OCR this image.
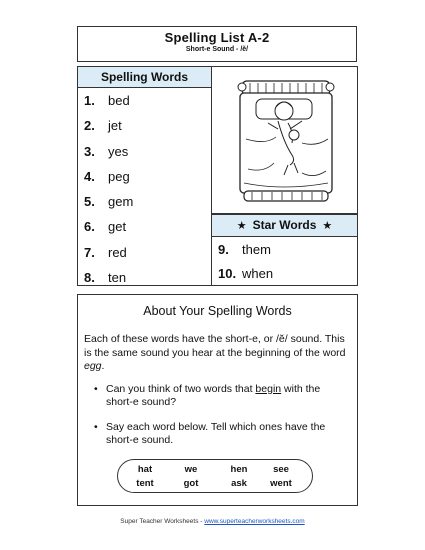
Spelling List A-2
Short-e Sound - /ĕ/
Spelling Words
1. bed
2. jet
3. yes
4. peg
5. gem
6. get
7. red
8. ten
★ Star Words ★
9. them
10. when
About Your Spelling Words
Each of these words have the short-e, or /ĕ/ sound. This is the same sound you hear at the beginning of the word egg.
• Can you think of two words that begin with the short-e sound?
• Say each word below. Tell which ones have the short-e sound.
hat	we	hen	see
tent	got	ask	went
Super Teacher Worksheets - www.superteacherworksheets.com
